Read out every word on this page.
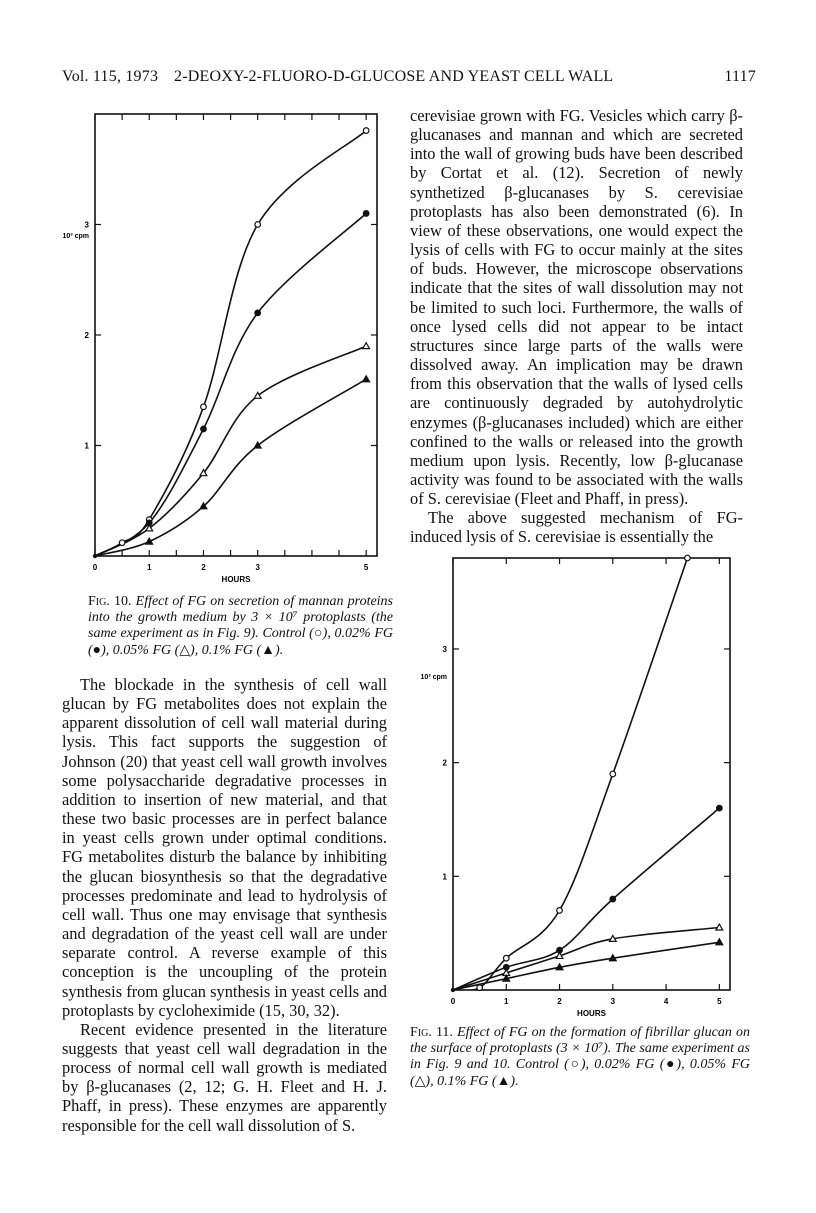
Vol. 115, 1973 2-DEOXY-2-FLUORO-D-GLUCOSE AND YEAST CELL WALL	1117
0	1	2	3	5
1
2
3
HOURS
10³ cpm
Fig. 10. Effect of FG on secretion of mannan proteins into the growth medium by 3 × 10⁷ protoplasts (the same experiment as in Fig. 9). Control (○), 0.02% FG (●), 0.05% FG (△), 0.1% FG (▲).
0	1	2	3	4	5
1
2
3
HOURS
10³ cpm
Fig. 11. Effect of FG on the formation of fibrillar glucan on the surface of protoplasts (3 × 10⁷). The same experiment as in Fig. 9 and 10. Control (○), 0.02% FG (●), 0.05% FG (△), 0.1% FG (▲).

cerevisiae grown with FG. Vesicles which carry β-glucanases and mannan and which are secreted into the wall of growing buds have been described by Cortat et al. (12). Secretion of newly synthetized β-glucanases by S. cerevisiae protoplasts has also been demonstrated (6). In view of these observations, one would expect the lysis of cells with FG to occur mainly at the sites of buds. However, the microscope observations indicate that the sites of wall dissolution may not be limited to such loci. Furthermore, the walls of once lysed cells did not appear to be intact structures since large parts of the walls were dissolved away. An implication may be drawn from this observation that the walls of lysed cells are continuously degraded by autohydrolytic enzymes (β-glucanases included) which are either confined to the walls or released into the growth medium upon lysis. Recently, low β-glucanase activity was found to be associated with the walls of S. cerevisiae (Fleet and Phaff, in press).

The above suggested mechanism of FG-induced lysis of S. cerevisiae is essentially the

The blockade in the synthesis of cell wall glucan by FG metabolites does not explain the apparent dissolution of cell wall material during lysis. This fact supports the suggestion of Johnson (20) that yeast cell wall growth involves some polysaccharide degradative processes in addition to insertion of new material, and that these two basic processes are in perfect balance in yeast cells grown under optimal conditions. FG metabolites disturb the balance by inhibiting the glucan biosynthesis so that the degradative processes predominate and lead to hydrolysis of cell wall. Thus one may envisage that synthesis and degradation of the yeast cell wall are under separate control. A reverse example of this conception is the uncoupling of the protein synthesis from glucan synthesis in yeast cells and protoplasts by cycloheximide (15, 30, 32).

Recent evidence presented in the literature suggests that yeast cell wall degradation in the process of normal cell wall growth is mediated by β-glucanases (2, 12; G. H. Fleet and H. J. Phaff, in press). These enzymes are apparently responsible for the cell wall dissolution of S.
